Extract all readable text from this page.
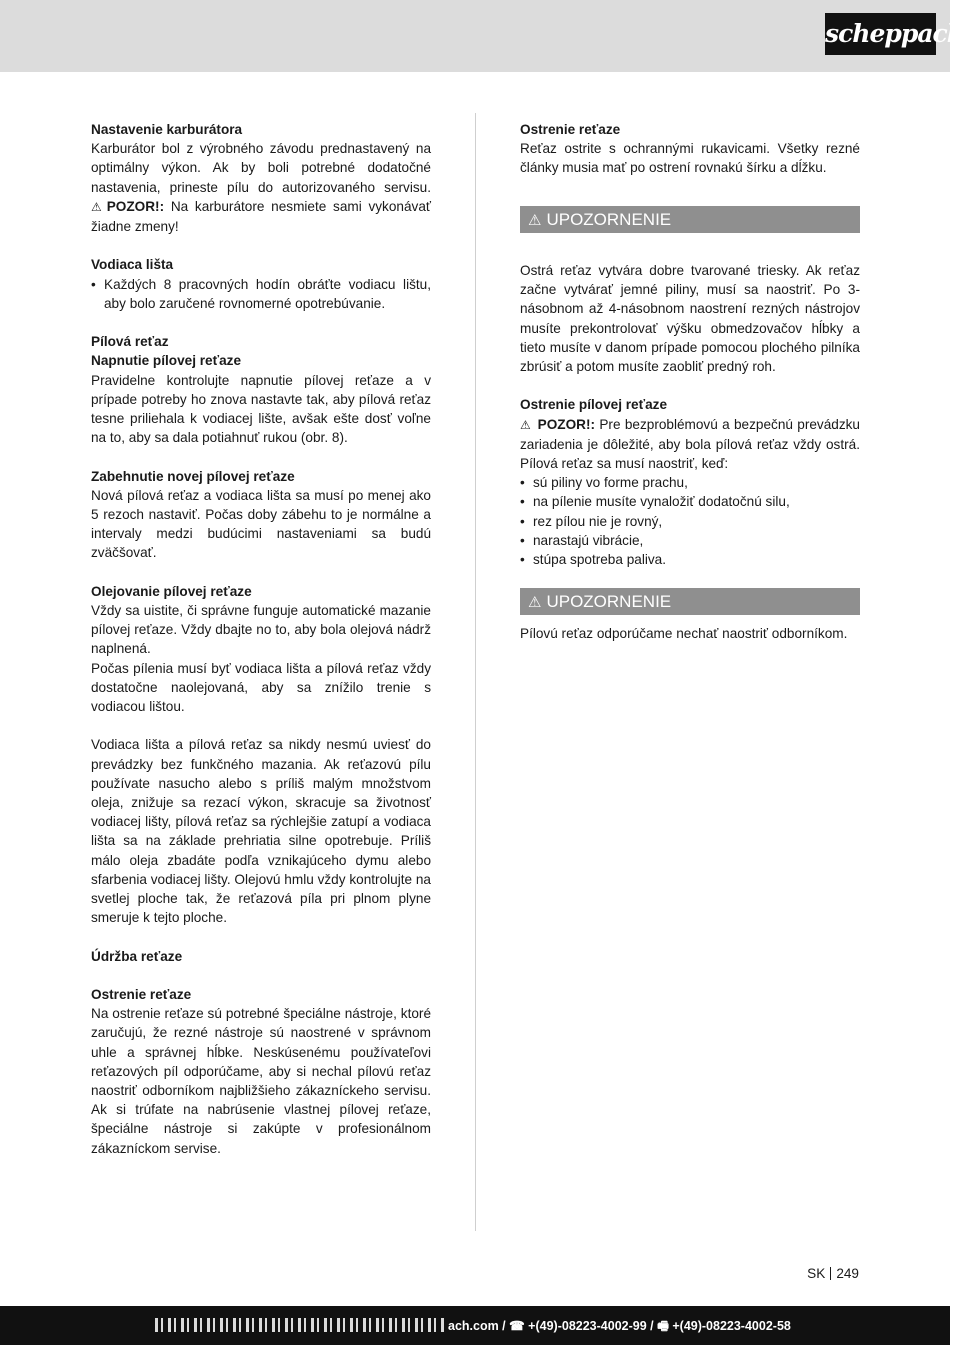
scheppach

Nastavenie karburátora

Karburátor bol z výrobného závodu prednastavený na optimálny výkon. Ak by boli potrebné dodatočné nastavenia, prineste pílu do autorizovaného servisu. ⚠ POZOR!: Na karburátore nesmiete sami vykonávať žiadne zmeny!

Vodiaca lišta

• Každých 8 pracovných hodín obráťte vodiacu lištu, aby bolo zaručené rovnomerné opotrebúvanie.

Pílová reťaz

Napnutie pílovej reťaze

Pravidelne kontrolujte napnutie pílovej reťaze a v prípade potreby ho znova nastavte tak, aby pílová reťaz tesne priliehala k vodiacej lište, avšak ešte dosť voľne na to, aby sa dala potiahnuť rukou (obr. 8).

Zabehnutie novej pílovej reťaze

Nová pílová reťaz a vodiaca lišta sa musí po menej ako 5 rezoch nastaviť. Počas doby zábehu to je normálne a intervaly medzi budúcimi nastaveniami sa budú zväčšovať.

Olejovanie pílovej reťaze

Vždy sa uistite, či správne funguje automatické mazanie pílovej reťaze. Vždy dbajte no to, aby bola olejová nádrž naplnená.

Počas pílenia musí byť vodiaca lišta a pílová reťaz vždy dostatočne naolejovaná, aby sa znížilo trenie s vodiacou lištou.

Vodiaca lišta a pílová reťaz sa nikdy nesmú uviesť do prevádzky bez funkčného mazania. Ak reťazovú pílu používate nasucho alebo s príliš malým množstvom oleja, znižuje sa rezací výkon, skracuje sa životnosť vodiacej lišty, pílová reťaz sa rýchlejšie zatupí a vodiaca lišta sa na základe prehriatia silne opotrebuje. Príliš málo oleja zbadáte podľa vznikajúceho dymu alebo sfarbenia vodiacej lišty. Olejovú hmlu vždy kontrolujte na svetlej ploche tak, že reťazová píla pri plnom plyne smeruje k tejto ploche.

Údržba reťaze

Ostrenie reťaze

Na ostrenie reťaze sú potrebné špeciálne nástroje, ktoré zaručujú, že rezné nástroje sú naostrené v správnom uhle a správnej hĺbke. Neskúsenému používateľovi reťazových píl odporúčame, aby si nechal pílovú reťaz naostriť odborníkom najbližšieho zákazníckeho servisu. Ak si trúfate na nabrúsenie vlastnej pílovej reťaze, špeciálne nástroje si zakúpte v profesionálnom zákazníckom servise.

Ostrenie reťaze

Reťaz ostrite s ochrannými rukavicami. Všetky rezné články musia mať po ostrení rovnakú šírku a dĺžku.

⚠ UPOZORNENIE

Ostrá reťaz vytvára dobre tvarované triesky. Ak reťaz začne vytvárať jemné piliny, musí sa naostriť. Po 3-násobnom až 4-násobnom naostrení rezných nástrojov musíte prekontrolovať výšku obmedzovačov hĺbky a tieto musíte v danom prípade pomocou plochého pilníka zbrúsiť a potom musíte zaobliť predný roh.

Ostrenie pílovej reťaze

⚠ POZOR!: Pre bezproblémovú a bezpečnú prevádzku zariadenia je dôležité, aby bola pílová reťaz vždy ostrá. Pílová reťaz sa musí naostriť, keď:

• sú piliny vo forme prachu,
• na pílenie musíte vynaložiť dodatočnú silu,
• rez pílou nie je rovný,
• narastajú vibrácie,
• stúpa spotreba paliva.
⚠ UPOZORNENIE

Pílovú reťaz odporúčame nechať naostriť odborníkom.

SK 249
ach.com / ☎ +(49)-08223-4002-99 / 🖷 +(49)-08223-4002-58
